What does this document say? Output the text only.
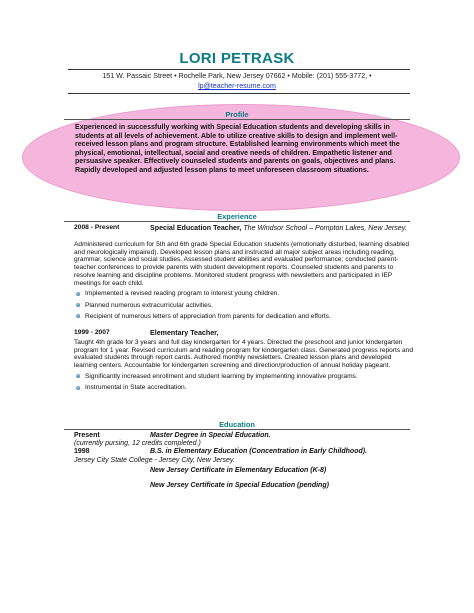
LORI PETRASK
151 W. Passaic Street • Rochelle Park, New Jersey 07662 • Mobile: (201) 555-3772, •
lp@teacher-resume.com
Profile
Experienced in successfully working with Special Education students and developing skills in students at all levels of achievement. Able to utilize creative skills to design and implement well-received lesson plans and program structure. Established learning environments which meet the physical, emotional, intellectual, social and creative needs of children. Empathetic listener and persuasive speaker. Effectively counseled students and parents on goals, objectives and plans. Rapidly developed and adjusted lesson plans to meet unforeseen classroom situations.
Experience
2008 - Present	Special Education Teacher, The Windsor School – Pompton Lakes, New Jersey.

Administered curriculum for 5th and 6th grade Special Education students (emotionally disturbed, learning disabled and neurologically impaired). Developed lesson plans and instructed all major subject areas including reading, grammar, science and social studies. Assessed student abilities and evaluated performance; conducted parent-teacher conferences to provide parents with student development reports. Counseled students and parents to resolve learning and discipline problems. Monitored student progress with newsletters and participated in IEP meetings for each child.

Implemented a revised reading program to interest young children.
Planned numerous extracurricular activities.
Recipient of numerous letters of appreciation from parents for dedication and efforts.
1999 - 2007	Elementary Teacher,

Taught 4th grade for 3 years and full day kindergarten for 4 years. Directed the preschool and junior kindergarten program for 1 year. Revised curriculum and reading program for kindergarten class. Generated progress reports and evaluated students through report cards. Authored monthly newsletters. Created lesson plans and developed learning centers. Accountable for kindergarten screening and direction/production of annual holiday pageant.

Significantly increased enrollment and student learning by implementing innovative programs.
Instrumental in State accreditation.
Education
Present	Master Degree in Special Education.
(currently pursing, 12 credits completed.)
1998	B.S. in Elementary Education (Concentration in Early Childhood).
Jersey City State College - Jersey City, New Jersey.
New Jersey Certificate in Elementary Education (K-8)
New Jersey Certificate in Special Education (pending)
